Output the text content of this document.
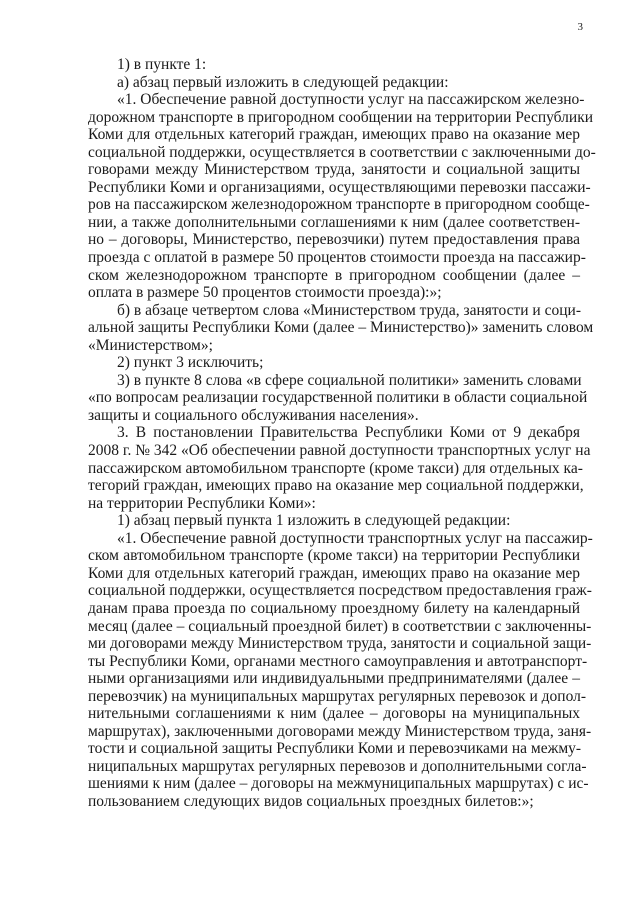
3
1) в пункте 1:
а) абзац первый изложить в следующей редакции:
«1. Обеспечение равной доступности услуг на пассажирском железно-
дорожном транспорте в пригородном сообщении на территории Республики
Коми для отдельных категорий граждан, имеющих право на оказание мер
социальной поддержки, осуществляется в соответствии с заключенными до-
говорами между Министерством труда, занятости и социальной защиты
Республики Коми и организациями, осуществляющими перевозки пассажи-
ров на пассажирском железнодорожном транспорте в пригородном сообще-
нии, а также дополнительными соглашениями к ним (далее соответствен-
но – договоры, Министерство, перевозчики) путем предоставления права
проезда с оплатой в размере 50 процентов стоимости проезда на пассажир-
ском железнодорожном транспорте в пригородном сообщении (далее –
оплата в размере 50 процентов стоимости проезда):»;
б) в абзаце четвертом слова «Министерством труда, занятости и соци-
альной защиты Республики Коми (далее – Министерство)» заменить словом
«Министерством»;
2) пункт 3 исключить;
3) в пункте 8 слова «в сфере социальной политики» заменить словами
«по вопросам реализации государственной политики в области социальной
защиты и социального обслуживания населения».
3. В постановлении Правительства Республики Коми от 9 декабря
2008 г. № 342 «Об обеспечении равной доступности транспортных услуг на
пассажирском автомобильном транспорте (кроме такси) для отдельных ка-
тегорий граждан, имеющих право на оказание мер социальной поддержки,
на территории Республики Коми»:
1) абзац первый пункта 1 изложить в следующей редакции:
«1. Обеспечение равной доступности транспортных услуг на пассажир-
ском автомобильном транспорте (кроме такси) на территории Республики
Коми для отдельных категорий граждан, имеющих право на оказание мер
социальной поддержки, осуществляется посредством предоставления граж-
данам права проезда по социальному проездному билету на календарный
месяц (далее – социальный проездной билет) в соответствии с заключенны-
ми договорами между Министерством труда, занятости и социальной защи-
ты Республики Коми, органами местного самоуправления и автотранспорт-
ными организациями или индивидуальными предпринимателями (далее –
перевозчик) на муниципальных маршрутах регулярных перевозок и допол-
нительными соглашениями к ним (далее – договоры на муниципальных
маршрутах), заключенными договорами между Министерством труда, заня-
тости и социальной защиты Республики Коми и перевозчиками на межму-
ниципальных маршрутах регулярных перевозов и дополнительными согла-
шениями к ним (далее – договоры на межмуниципальных маршрутах) с ис-
пользованием следующих видов социальных проездных билетов:»;
